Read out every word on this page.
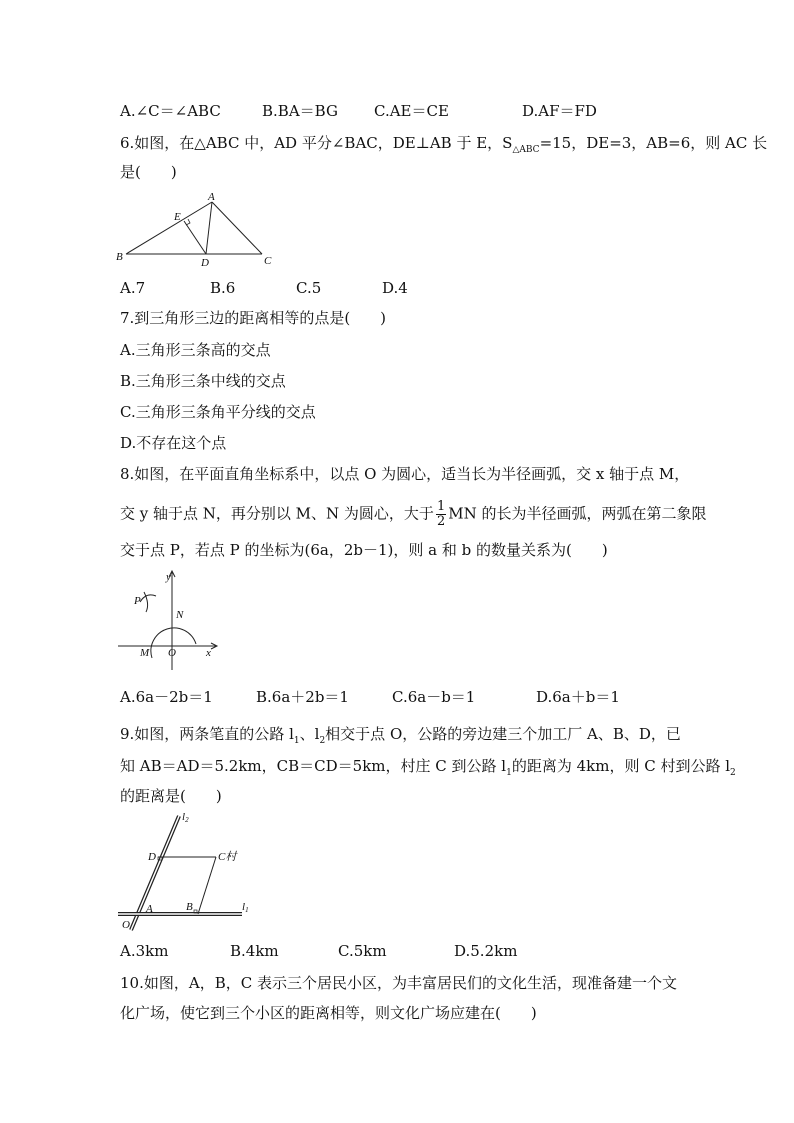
A.∠C＝∠ABC	B.BA＝BG C.AE＝CE	D.AF＝FD
6.如图，在△ABC 中，AD 平分∠BAC，DE⊥AB 于 E，$S_{\triangle ABC}=15$，DE=3，AB=6，则 AC 长
是(　　)
A
B	C
D
E
A.7	B.6	C.5	D.4
7.到三角形三边的距离相等的点是(　　)
A.三角形三条高的交点
B.三角形三条中线的交点
C.三角形三条角平分线的交点
D.不存在这个点
8.如图，在平面直角坐标系中，以点 O 为圆心，适当长为半径画弧，交 x 轴于点 M，
交 y 轴于点 N，再分别以 M、N 为圆心，大于 $\frac{1}{2}$ MN 的长为半径画弧，两弧在第二象限
交于点 P，若点 P 的坐标为(6a，2b－1)，则 a 和 b 的数量关系为(　　)
y
x
P
N
M O
A.6a－2b＝1	B.6a＋2b＝1	C.6a－b＝1	D.6a＋b＝1
9.如图，两条笔直的公路 $l_1$、$l_2$相交于点 O，公路的旁边建三个加工厂 A、B、D，已
知 AB＝AD＝5.2km，CB＝CD＝5km，村庄 C 到公路 $l_1$的距离为 4km，则 C 村到公路 $l_2$
的距离是(　　)
l2
l1
D	C村
A	B
O
A.3km	B.4km	C.5km	D.5.2km
10.如图，A，B，C 表示三个居民小区，为丰富居民们的文化生活，现准备建一个文
化广场，使它到三个小区的距离相等，则文化广场应建在(　　)
